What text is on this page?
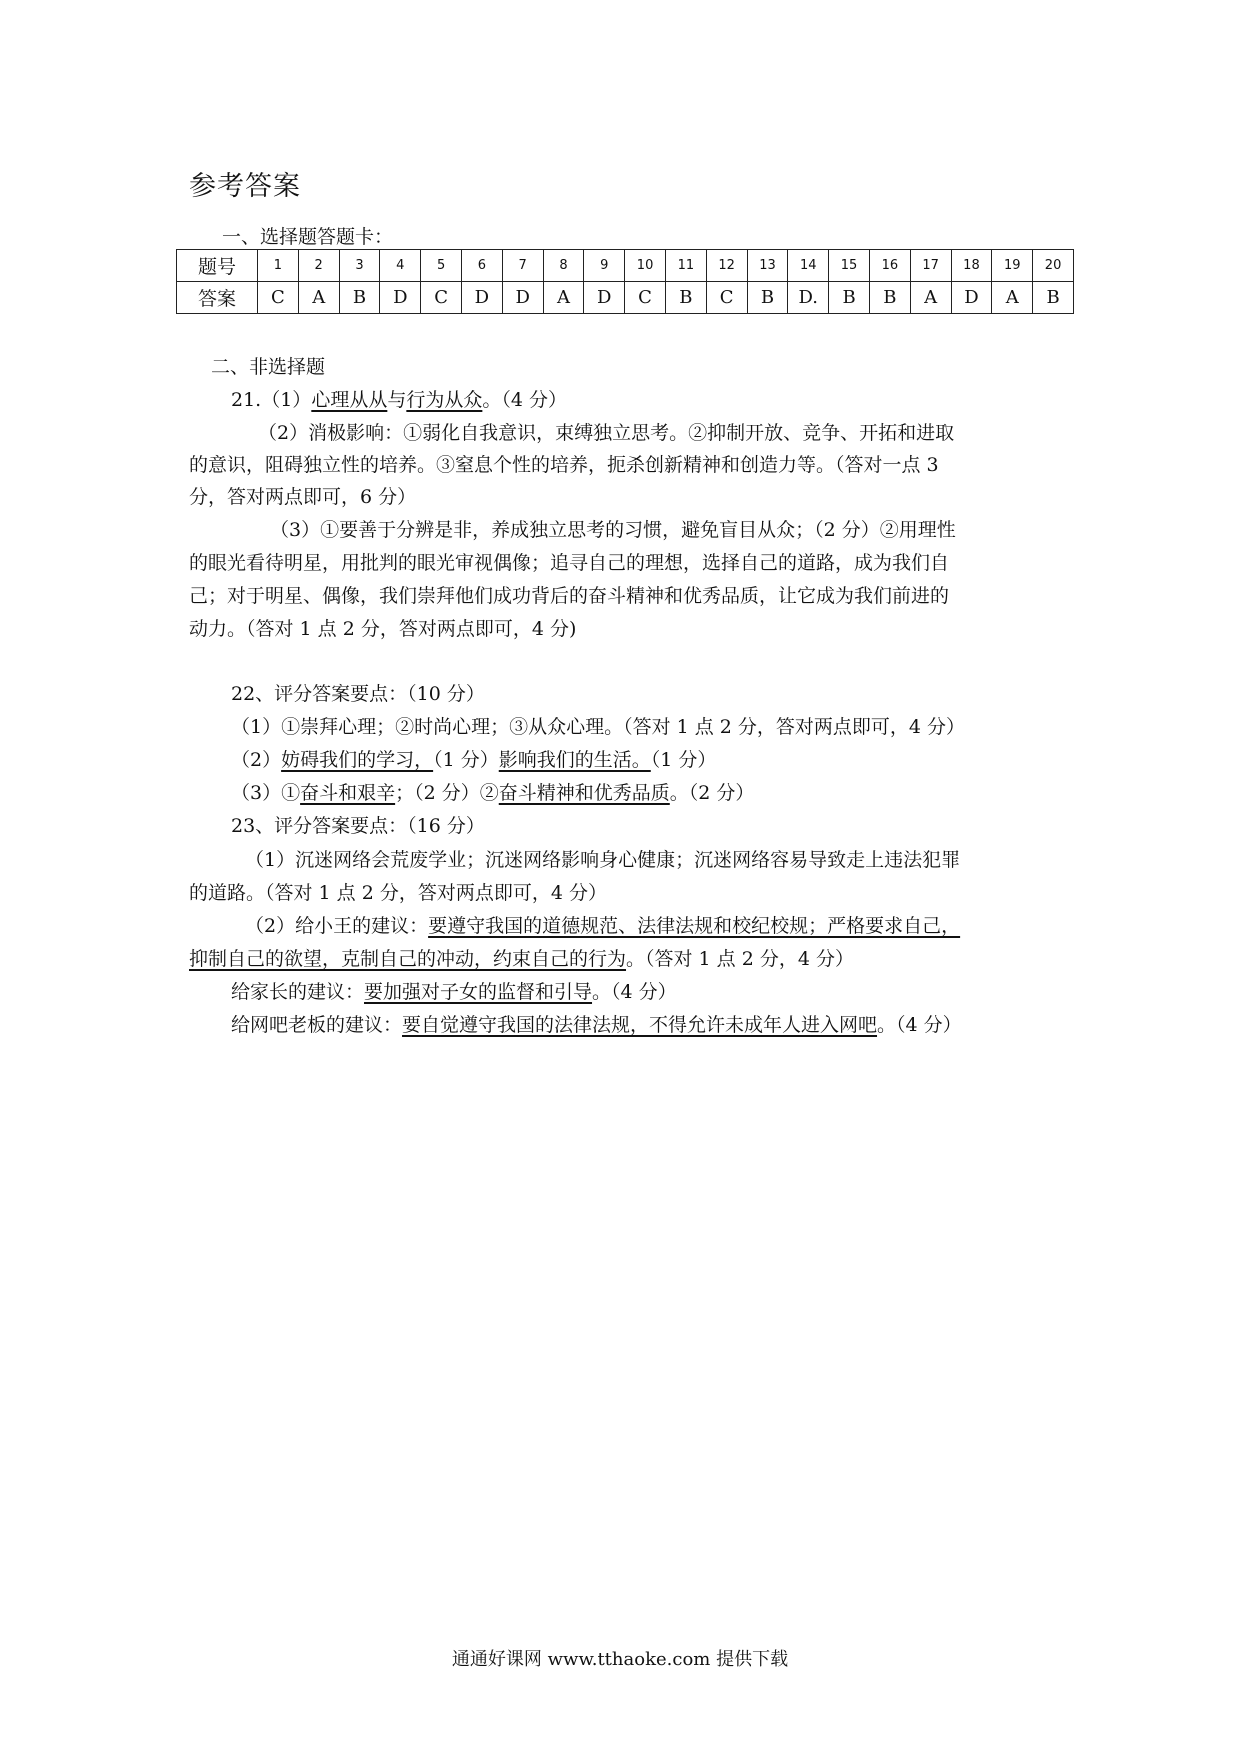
参考答案
一、选择题答题卡：
题号	1	2	3	4	5	6	7	8	9	10	11	12	13	14	15	16	17	18	19	20
答案	C	A	B	D	C	D	D	A	D	C	B	C	B	D.	B	B	A	D	A	B
二、非选择题
21.（1）心理从从与行为从众。（4 分）
（2）消极影响：①弱化自我意识，束缚独立思考。②抑制开放、竞争、开拓和进取
的意识，阻碍独立性的培养。③窒息个性的培养，扼杀创新精神和创造力等。（答对一点 3
分，答对两点即可，6 分）
（3）①要善于分辨是非，养成独立思考的习惯，避免盲目从众；（2 分）②用理性
的眼光看待明星，用批判的眼光审视偶像；追寻自己的理想，选择自己的道路，成为我们自
己；对于明星、偶像，我们崇拜他们成功背后的奋斗精神和优秀品质，让它成为我们前进的
动力。（答对 1 点 2 分，答对两点即可，4 分)
22、评分答案要点：（10 分）
（1）①崇拜心理；②时尚心理；③从众心理。（答对 1 点 2 分，答对两点即可，4 分）
（2）妨碍我们的学习，（1 分）影响我们的生活。（1 分）
（3）①奋斗和艰辛；（2 分）②奋斗精神和优秀品质。（2 分）
23、评分答案要点：（16 分）
（1）沉迷网络会荒废学业；沉迷网络影响身心健康；沉迷网络容易导致走上违法犯罪
的道路。（答对 1 点 2 分，答对两点即可，4 分）
（2）给小王的建议：要遵守我国的道德规范、法律法规和校纪校规；严格要求自己，
抑制自己的欲望，克制自己的冲动，约束自己的行为。（答对 1 点 2 分，4 分）
给家长的建议：要加强对子女的监督和引导。（4 分）
给网吧老板的建议：要自觉遵守我国的法律法规，不得允许未成年人进入网吧。（4 分）
通通好课网 www.tthaoke.com 提供下载
